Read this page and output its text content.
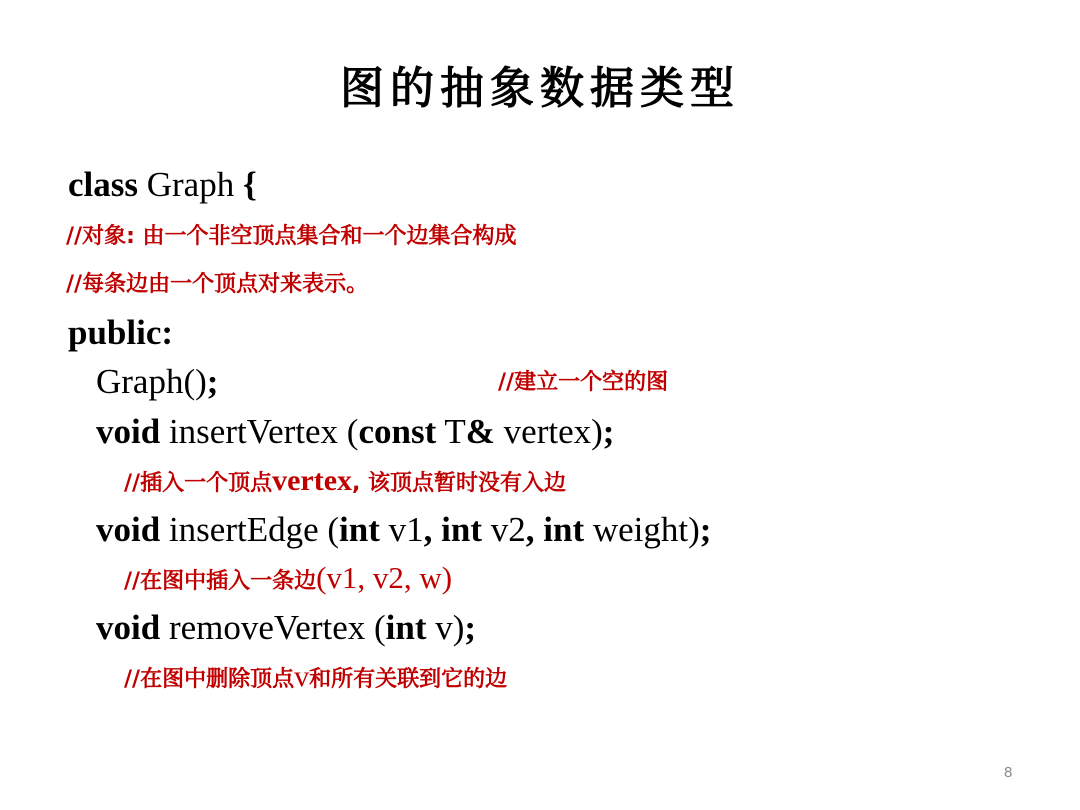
图的抽象数据类型
class Graph {
//对象: 由一个非空顶点集合和一个边集合构成
//每条边由一个顶点对来表示。
public:
Graph();	//建立一个空的图
void insertVertex (const T& vertex);
//插入一个顶点vertex, 该顶点暂时没有入边
void insertEdge (int v1, int v2, int weight);
//在图中插入一条边(v1, v2, w)
void removeVertex (int v);
//在图中删除顶点v和所有关联到它的边
8
